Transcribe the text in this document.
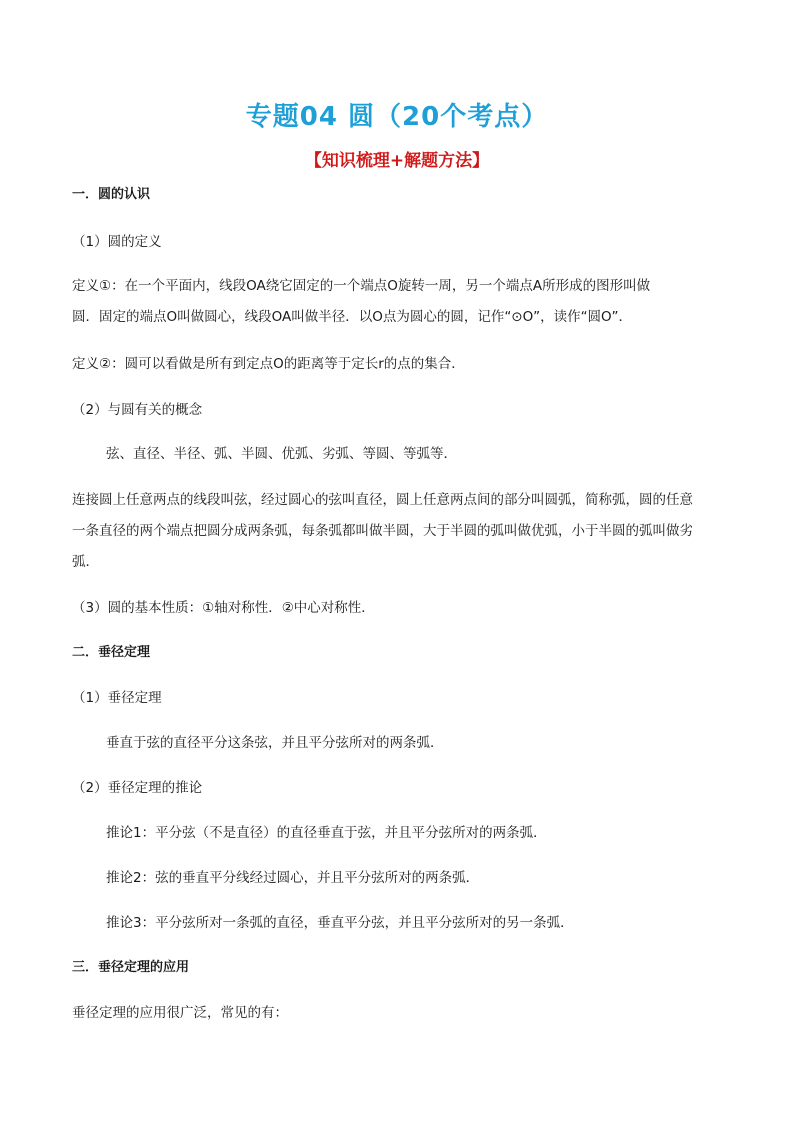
专题04 圆（20个考点）
【知识梳理+解题方法】
一．圆的认识
（1）圆的定义
定义①：在一个平面内，线段OA绕它固定的一个端点O旋转一周，另一个端点A所形成的图形叫做
圆．固定的端点O叫做圆心，线段OA叫做半径．以O点为圆心的圆，记作“⊙O”，读作“圆O”．
定义②：圆可以看做是所有到定点O的距离等于定长r的点的集合．
（2）与圆有关的概念
弦、直径、半径、弧、半圆、优弧、劣弧、等圆、等弧等．
连接圆上任意两点的线段叫弦，经过圆心的弦叫直径，圆上任意两点间的部分叫圆弧，简称弧，圆的任意
一条直径的两个端点把圆分成两条弧，每条弧都叫做半圆，大于半圆的弧叫做优弧，小于半圆的弧叫做劣
弧．
（3）圆的基本性质：①轴对称性．②中心对称性．
二．垂径定理
（1）垂径定理
垂直于弦的直径平分这条弦，并且平分弦所对的两条弧．
（2）垂径定理的推论
推论1：平分弦（不是直径）的直径垂直于弦，并且平分弦所对的两条弧．
推论2：弦的垂直平分线经过圆心，并且平分弦所对的两条弧．
推论3：平分弦所对一条弧的直径，垂直平分弦，并且平分弦所对的另一条弧．
三．垂径定理的应用
垂径定理的应用很广泛，常见的有：
